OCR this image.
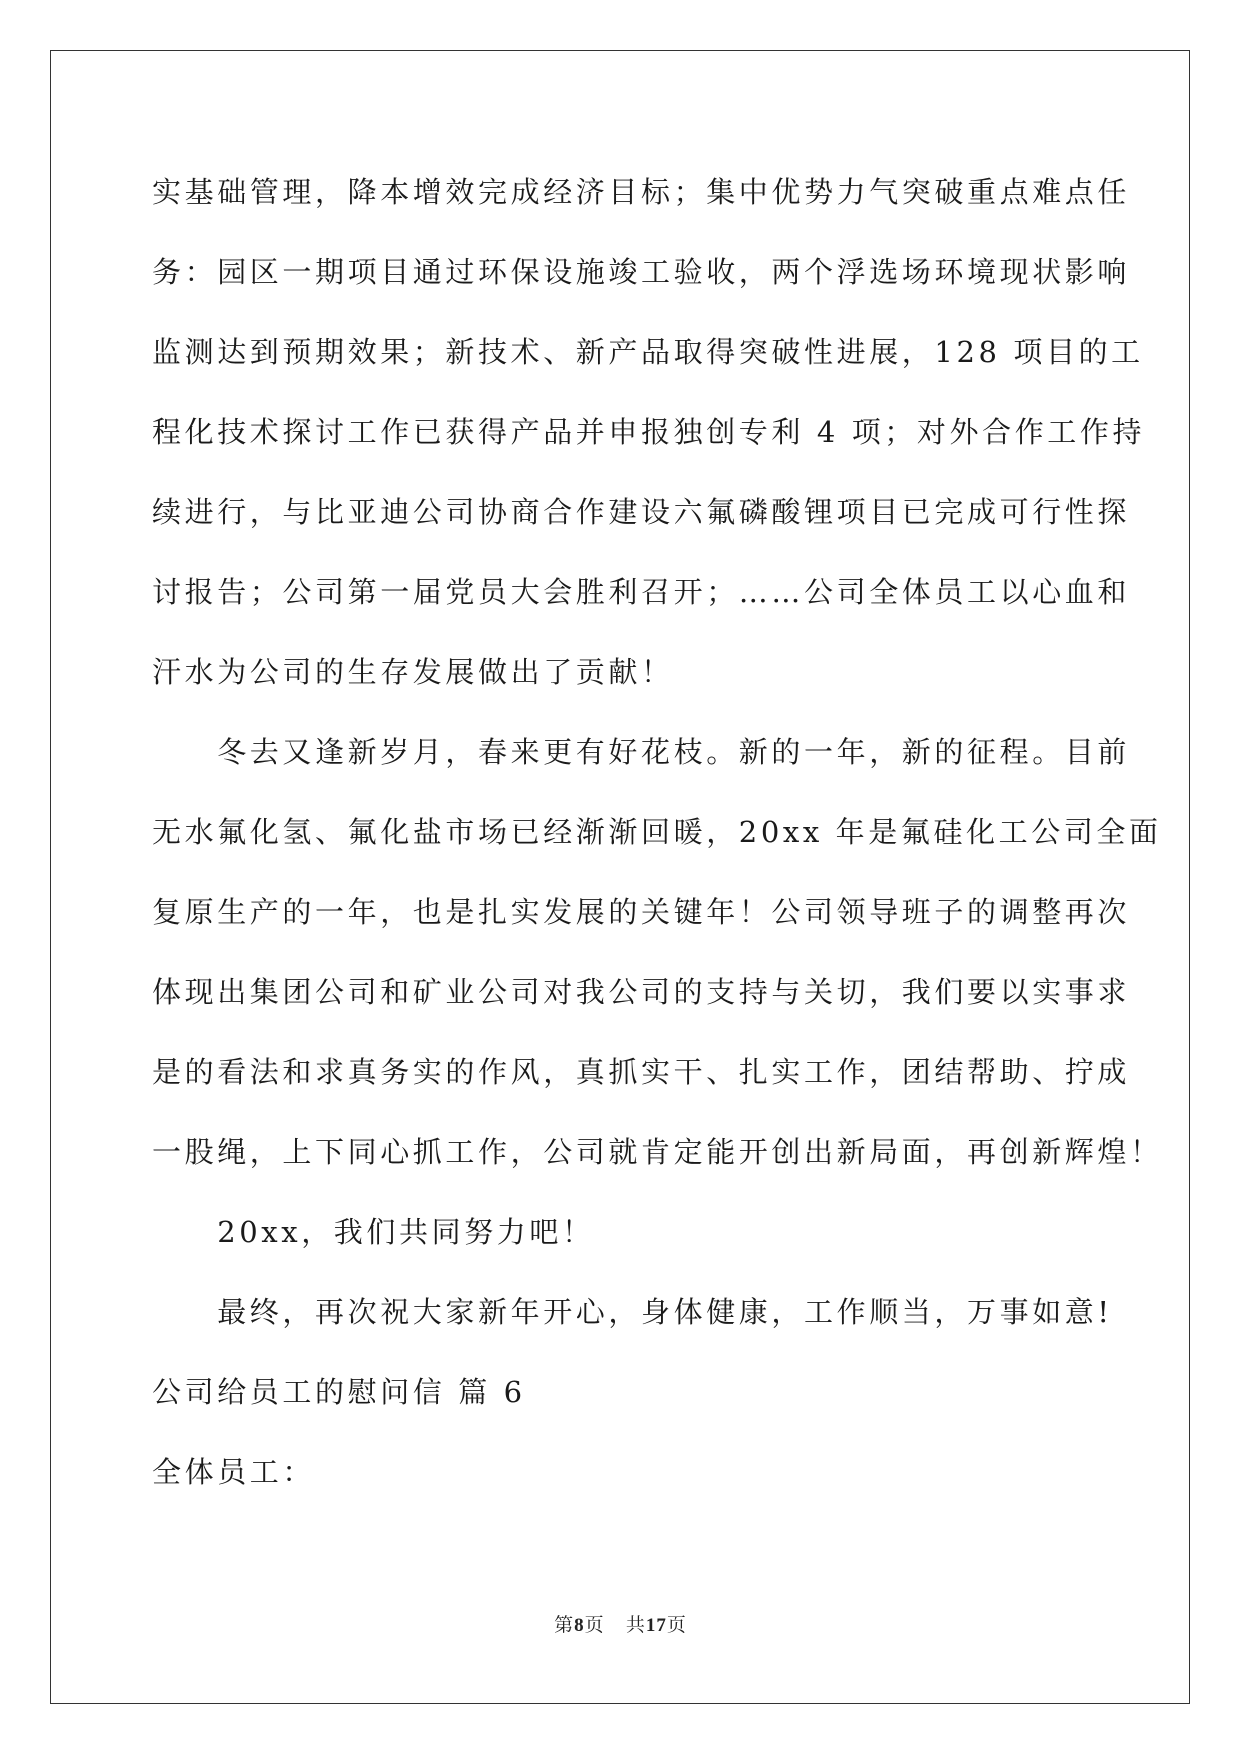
实基础管理，降本增效完成经济目标；集中优势力气突破重点难点任
务：园区一期项目通过环保设施竣工验收，两个浮选场环境现状影响
监测达到预期效果；新技术、新产品取得突破性进展，128 项目的工
程化技术探讨工作已获得产品并申报独创专利 4 项；对外合作工作持
续进行，与比亚迪公司协商合作建设六氟磷酸锂项目已完成可行性探
讨报告；公司第一届党员大会胜利召开；……公司全体员工以心血和
汗水为公司的生存发展做出了贡献！
　　冬去又逢新岁月，春来更有好花枝。新的一年，新的征程。目前
无水氟化氢、氟化盐市场已经渐渐回暖，20xx 年是氟硅化工公司全面
复原生产的一年，也是扎实发展的关键年！公司领导班子的调整再次
体现出集团公司和矿业公司对我公司的支持与关切，我们要以实事求
是的看法和求真务实的作风，真抓实干、扎实工作，团结帮助、拧成
一股绳，上下同心抓工作，公司就肯定能开创出新局面，再创新辉煌！
　　20xx，我们共同努力吧！
　　最终，再次祝大家新年开心，身体健康，工作顺当，万事如意!
公司给员工的慰问信 篇 6
全体员工：
第8页 共17页
